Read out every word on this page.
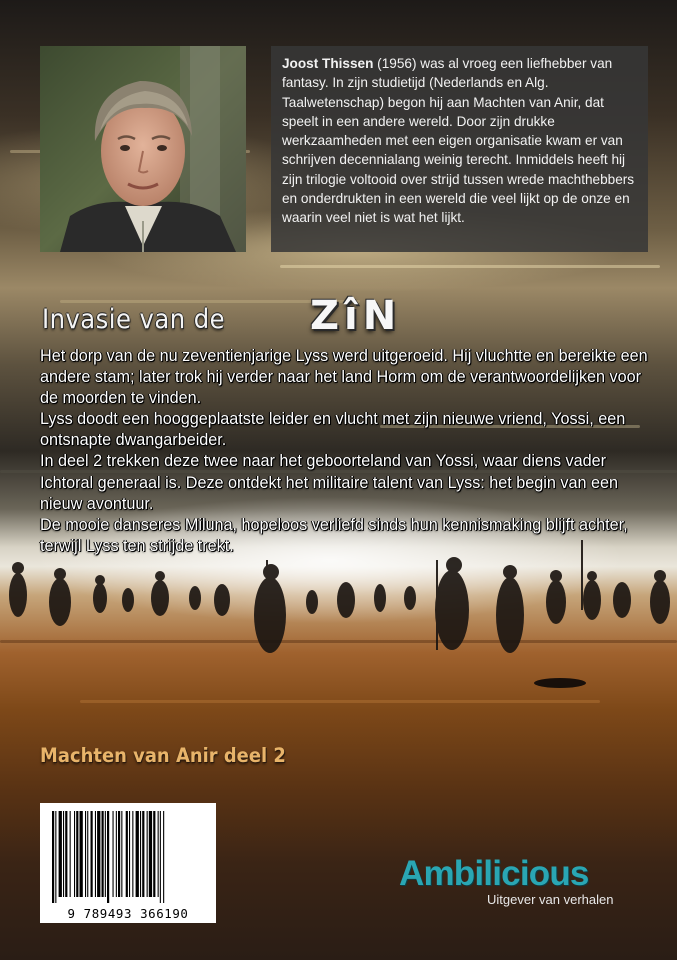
Joost Thissen (1956) was al vroeg een liefhebber van fantasy. In zijn studietijd (Nederlands en Alg. Taalwetenschap) begon hij aan Machten van Anir, dat speelt in een andere wereld. Door zijn drukke werkzaamheden met een eigen organisatie kwam er van schrijven decennialang weinig terecht. Inmiddels heeft hij zijn trilogie voltooid over strijd tussen wrede machthebbers en onderdrukten in een wereld die veel lijkt op de onze en waarin veel niet is wat het lijkt.
Invasie van de ZîN

Het dorp van de nu zeventienjarige Lyss werd uitgeroeid. Hij vluchtte en bereikte een andere stam; later trok hij verder naar het land Horm om de verantwoordelijken voor de moorden te vinden.

Lyss doodt een hooggeplaatste leider en vlucht met zijn nieuwe vriend, Yossi, een ontsnapte dwangarbeider.

In deel 2 trekken deze twee naar het geboorteland van Yossi, waar diens vader Ichtoral generaal is. Deze ontdekt het militaire talent van Lyss: het begin van een nieuw avontuur.

De mooie danseres Miluna, hopeloos verliefd sinds hun kennismaking blijft achter, terwijl Lyss ten strijde trekt.

Machten van Anir deel 2
9 789493 366190
Ambilicious
Uitgever van verhalen
